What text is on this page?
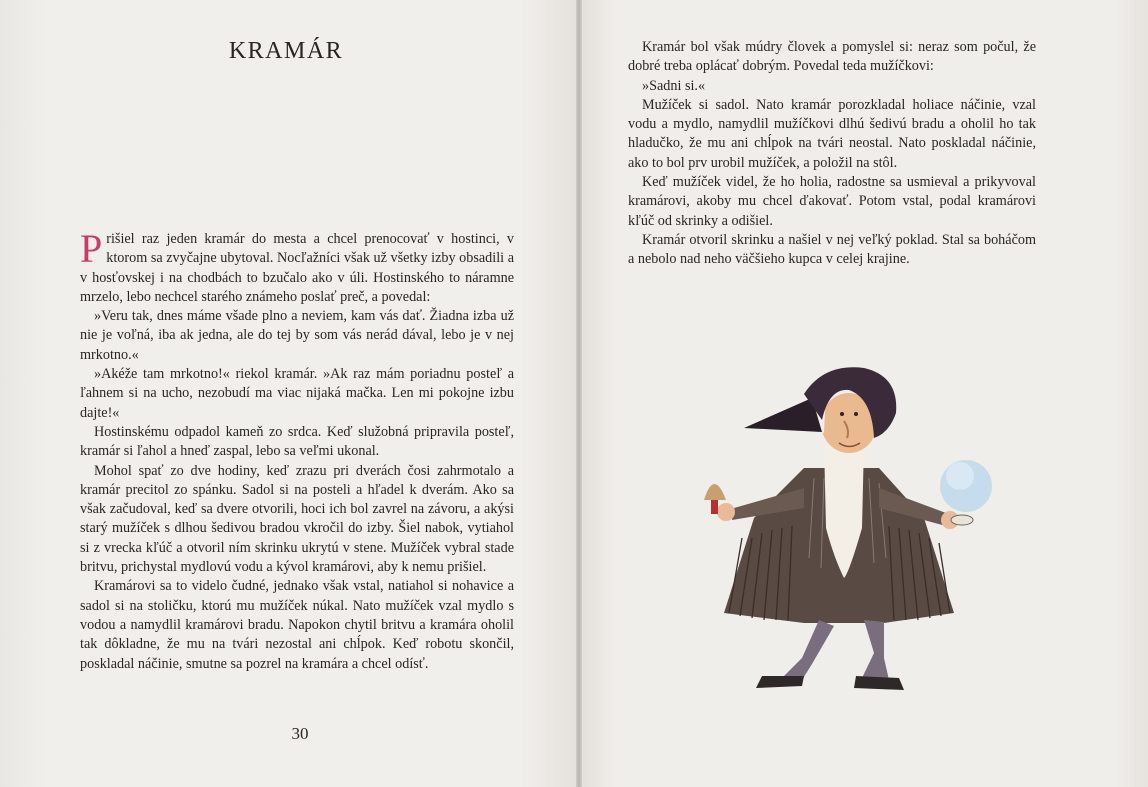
KRAMÁR

Prišiel raz jeden kramár do mesta a chcel prenocovať v hostinci, v ktorom sa zvyčajne ubytoval. Nocľažníci však už všetky izby obsadili a v hosťovskej i na chodbách to bzučalo ako v úli. Hostinského to náramne mrzelo, lebo nechcel starého známeho poslať preč, a povedal:

»Veru tak, dnes máme všade plno a neviem, kam vás dať. Žiadna izba už nie je voľná, iba ak jedna, ale do tej by som vás nerád dával, lebo je v nej mrkotno.«

»Akéže tam mrkotno!« riekol kramár. »Ak raz mám poriadnu posteľ a ľahnem si na ucho, nezobudí ma viac nijaká mačka. Len mi pokojne izbu dajte!«

Hostinskému odpadol kameň zo srdca. Keď služobná pripravila posteľ, kramár si ľahol a hneď zaspal, lebo sa veľmi ukonal.

Mohol spať zo dve hodiny, keď zrazu pri dverách čosi zahrmotalo a kramár precitol zo spánku. Sadol si na posteli a hľadel k dverám. Ako sa však začudoval, keď sa dvere otvorili, hoci ich bol zavrel na závoru, a akýsi starý mužíček s dlhou šedivou bradou vkročil do izby. Šiel nabok, vytiahol si z vrecka kľúč a otvoril ním skrinku ukrytú v stene. Mužíček vybral stade britvu, prichystal mydlovú vodu a kývol kramárovi, aby k nemu prišiel.

Kramárovi sa to videlo čudné, jednako však vstal, natiahol si nohavice a sadol si na stoličku, ktorú mu mužíček núkal. Nato mužíček vzal mydlo s vodou a namydlil kramárovi bradu. Napokon chytil britvu a kramára oholil tak dôkladne, že mu na tvári nezostal ani chĺpok. Keď robotu skončil, poskladal náčinie, smutne sa pozrel na kramára a chcel odísť.

30

Kramár bol však múdry človek a pomyslel si: neraz som počul, že dobré treba oplácať dobrým. Povedal teda mužíčkovi:

»Sadni si.«

Mužíček si sadol. Nato kramár porozkladal holiace náčinie, vzal vodu a mydlo, namydlil mužíčkovi dlhú šedivú bradu a oholil ho tak hladučko, že mu ani chĺpok na tvári neostal. Nato poskladal náčinie, ako to bol prv urobil mužíček, a položil na stôl.

Keď mužíček videl, že ho holia, radostne sa usmieval a prikyvoval kramárovi, akoby mu chcel ďakovať. Potom vstal, podal kramárovi kľúč od skrinky a odišiel.

Kramár otvoril skrinku a našiel v nej veľký poklad. Stal sa boháčom a nebolo nad neho väčšieho kupca v celej krajine.
